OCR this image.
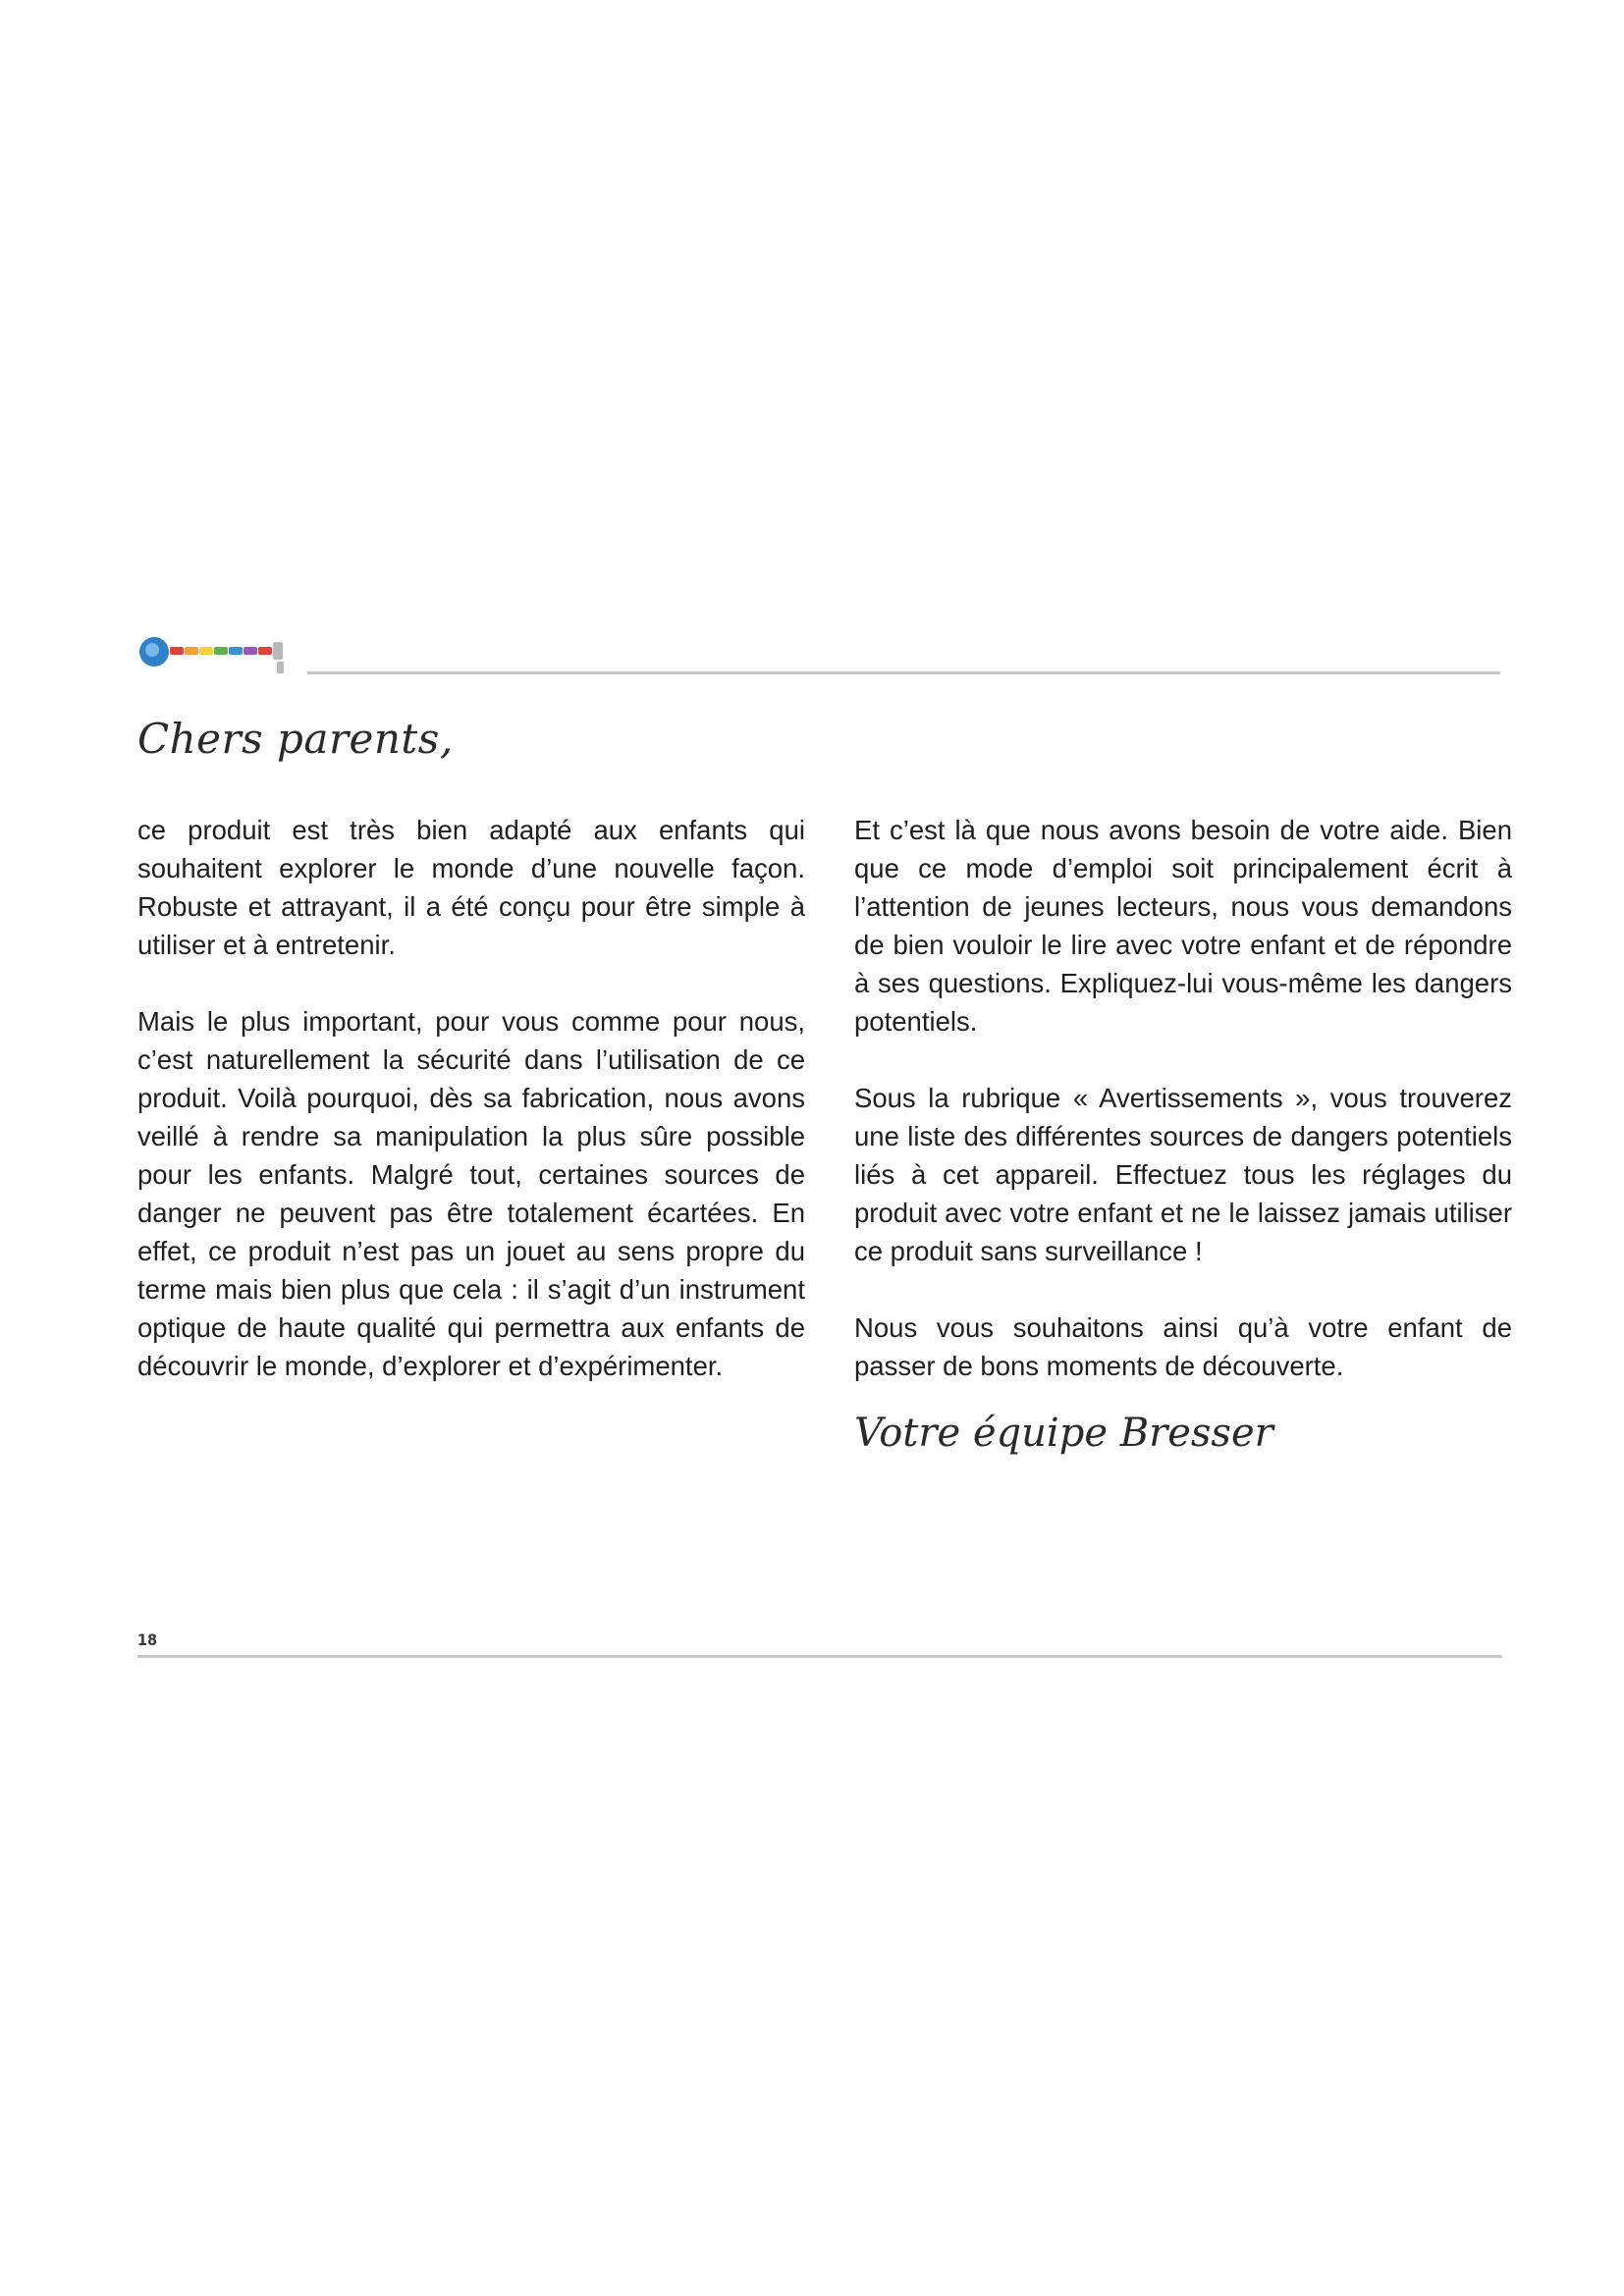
Chers parents,

ce produit est très bien adapté aux enfants qui souhaitent explorer le monde d’une nouvelle façon. Robuste et attrayant, il a été conçu pour être simple à utiliser et à entretenir.

Mais le plus important, pour vous comme pour nous, c’est naturellement la sécurité dans l’utilisation de ce produit. Voilà pourquoi, dès sa fabrication, nous avons veillé à rendre sa manipulation la plus sûre possible pour les enfants. Malgré tout, certaines sources de danger ne peuvent pas être totalement écartées. En effet, ce produit n’est pas un jouet au sens propre du terme mais bien plus que cela : il s’agit d’un instrument optique de haute qualité qui permettra aux enfants de découvrir le monde, d’explorer et d’expérimenter.

Et c’est là que nous avons besoin de votre aide. Bien que ce mode d’emploi soit principalement écrit à l’attention de jeunes lecteurs, nous vous demandons de bien vouloir le lire avec votre enfant et de répondre à ses questions. Expliquez-lui vous-même les dangers potentiels.

Sous la rubrique « Avertissements », vous trouverez une liste des différentes sources de dangers potentiels liés à cet appareil. Effectuez tous les réglages du produit avec votre enfant et ne le laissez jamais utiliser ce produit sans surveillance !

Nous vous souhaitons ainsi qu’à votre enfant de passer de bons moments de découverte.

Votre équipe Bresser
18
